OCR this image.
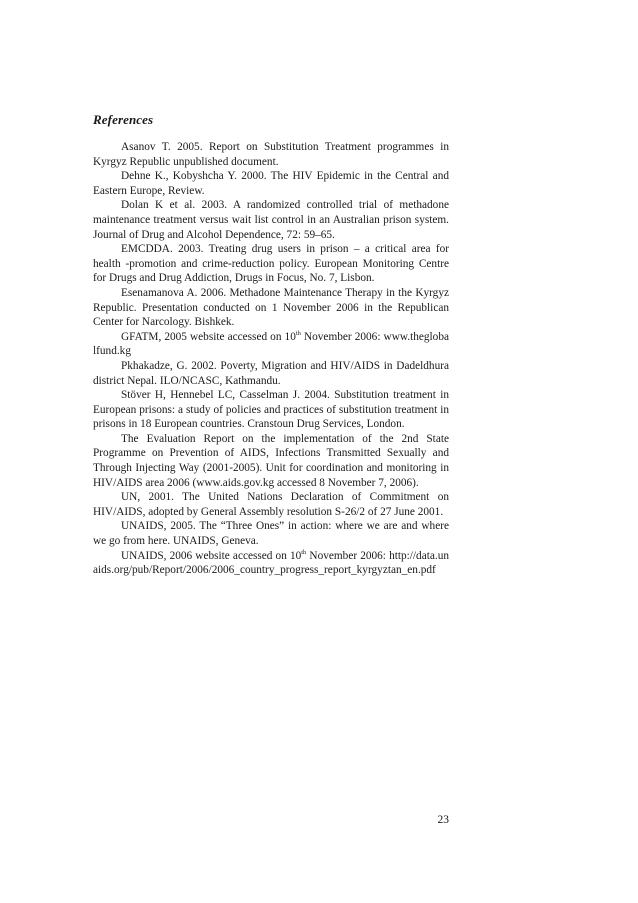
References

Asanov T. 2005. Report on Substitution Treatment programmes in Kyrgyz Republic unpublished document.

Dehne K., Kobyshcha Y. 2000. The HIV Epidemic in the Central and Eastern Europe, Review.

Dolan K et al. 2003. A randomized controlled trial of methadone maintenance treatment versus wait list control in an Australian prison system. Journal of Drug and Alcohol Dependence, 72: 59–65.

EMCDDA. 2003. Treating drug users in prison – a critical area for health -promotion and crime-reduction policy. European Monitoring Centre for Drugs and Drug Addiction, Drugs in Focus, No. 7, Lisbon.

Esenamanova A. 2006. Methadone Maintenance Therapy in the Kyrgyz Republic. Presentation conducted on 1 November 2006 in the Republican Center for Narcology. Bishkek.

GFATM, 2005 website accessed on 10th November 2006: www.theglobalfund.kg

Pkhakadze, G. 2002. Poverty, Migration and HIV/AIDS in Dadeldhura district Nepal. ILO/NCASC, Kathmandu.

Stöver H, Hennebel LC, Casselman J. 2004. Substitution treatment in European prisons: a study of policies and practices of substitution treatment in prisons in 18 European countries. Cranstoun Drug Services, London.

The Evaluation Report on the implementation of the 2nd State Programme on Prevention of AIDS, Infections Transmitted Sexually and Through Injecting Way (2001-2005). Unit for coordination and monitoring in HIV/AIDS area 2006 (www.aids.gov.kg accessed 8 November 7, 2006).

UN, 2001. The United Nations Declaration of Commitment on HIV/AIDS, adopted by General Assembly resolution S-26/2 of 27 June 2001.

UNAIDS, 2005. The “Three Ones” in action: where we are and where we go from here. UNAIDS, Geneva.

UNAIDS, 2006 website accessed on 10th November 2006: http://data.unaids.org/pub/Report/2006/2006_country_progress_report_kyrgyztan_en.pdf

23
